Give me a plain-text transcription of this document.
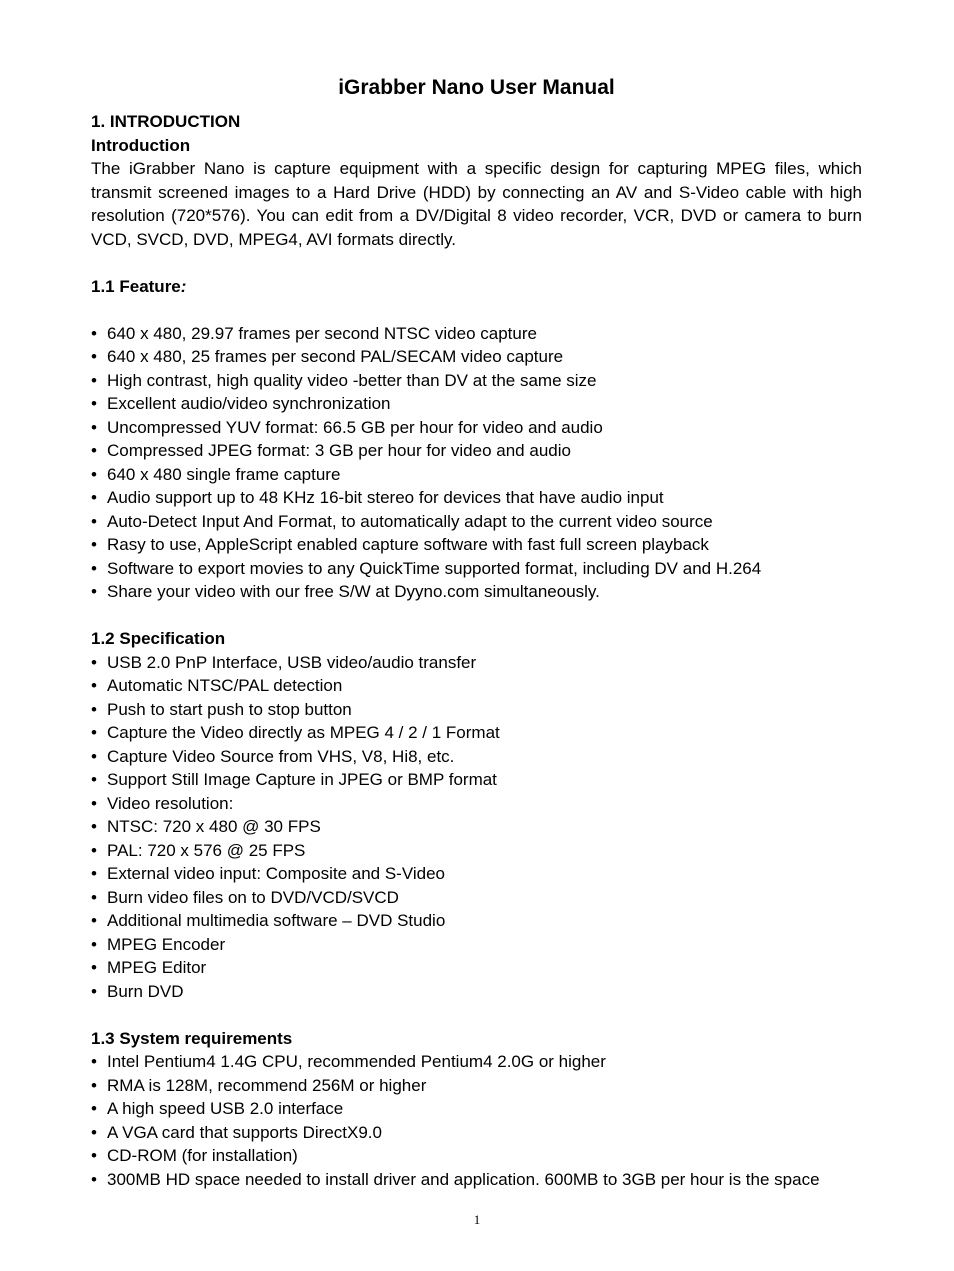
iGrabber Nano User Manual
1. INTRODUCTION
Introduction
The iGrabber Nano is capture equipment with a specific design for capturing MPEG files, which transmit screened images to a Hard Drive (HDD) by connecting an AV and S-Video cable with high resolution (720*576). You can edit from a DV/Digital 8 video recorder, VCR, DVD or camera to burn VCD, SVCD, DVD, MPEG4, AVI formats directly.
1.1 Feature:
• 640 x 480, 29.97 frames per second NTSC video capture
• 640 x 480, 25 frames per second PAL/SECAM video capture
• High contrast, high quality video -better than DV at the same size
• Excellent audio/video synchronization
• Uncompressed YUV format: 66.5 GB per hour for video and audio
• Compressed JPEG format: 3 GB per hour for video and audio
• 640 x 480 single frame capture
• Audio support up to 48 KHz 16-bit stereo for devices that have audio input
• Auto-Detect Input And Format, to automatically adapt to the current video source
• Rasy to use, AppleScript enabled capture software with fast full screen playback
• Software to export movies to any QuickTime supported format, including DV and H.264
• Share your video with our free S/W at Dyyno.com simultaneously.
1.2 Specification
• USB 2.0 PnP Interface, USB video/audio transfer
• Automatic NTSC/PAL detection
• Push to start push to stop button
• Capture the Video directly as MPEG 4 / 2 / 1 Format
• Capture Video Source from VHS, V8, Hi8, etc.
• Support Still Image Capture in JPEG or BMP format
• Video resolution:
• NTSC: 720 x 480 @ 30 FPS
• PAL: 720 x 576 @ 25 FPS
• External video input: Composite and S-Video
• Burn video files on to DVD/VCD/SVCD
• Additional multimedia software – DVD Studio
• MPEG Encoder
• MPEG Editor
• Burn DVD
1.3 System requirements
• Intel Pentium4 1.4G CPU, recommended Pentium4 2.0G or higher
• RMA is 128M, recommend 256M or higher
• A high speed USB 2.0 interface
• A VGA card that supports DirectX9.0
• CD-ROM (for installation)
• 300MB HD space needed to install driver and application. 600MB to 3GB per hour is the space
1
